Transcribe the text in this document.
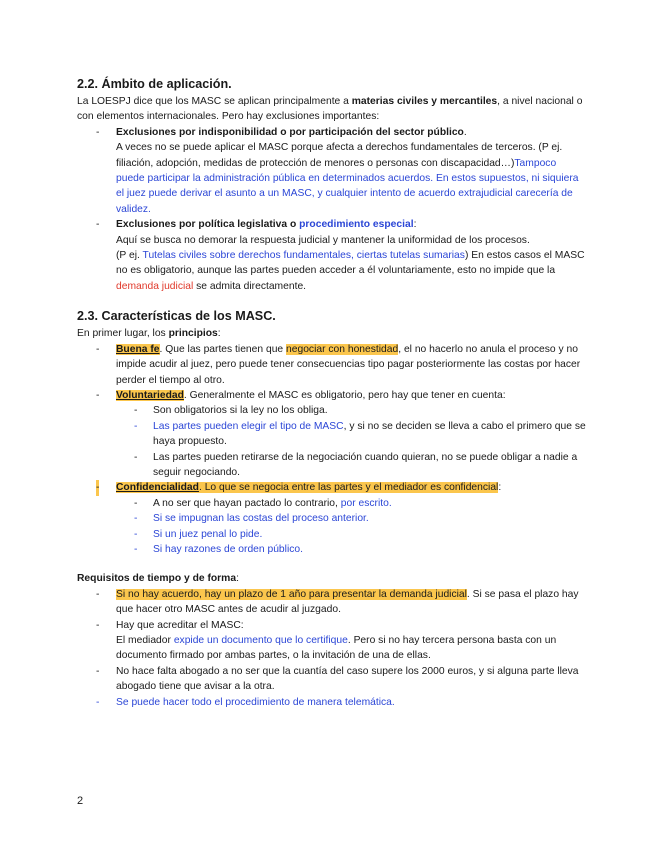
2.2. Ámbito de aplicación.

La LOESPJ dice que los MASC se aplican principalmente a materias civiles y mercantiles, a nivel nacional o con elementos internacionales. Pero hay exclusiones importantes:

- Exclusiones por indisponibilidad o por participación del sector público.
A veces no se puede aplicar el MASC porque afecta a derechos fundamentales de terceros. (P ej. filiación, adopción, medidas de protección de menores o personas con discapacidad…)Tampoco puede participar la administración pública en determinados acuerdos. En estos supuestos, ni siquiera el juez puede derivar el asunto a un MASC, y cualquier intento de acuerdo extrajudicial carecería de validez.
- Exclusiones por política legislativa o procedimiento especial:
Aquí se busca no demorar la respuesta judicial y mantener la uniformidad de los procesos.
(P ej. Tutelas civiles sobre derechos fundamentales, ciertas tutelas sumarias) En estos casos el MASC no es obligatorio, aunque las partes pueden acceder a él voluntariamente, esto no impide que la demanda judicial se admita directamente.
2.3. Características de los MASC.

En primer lugar, los principios:

- Buena fe. Que las partes tienen que negociar con honestidad, el no hacerlo no anula el proceso y no impide acudir al juez, pero puede tener consecuencias tipo pagar posteriormente las costas por hacer perder el tiempo al otro.
- Voluntariedad. Generalmente el MASC es obligatorio, pero hay que tener en cuenta:
- Son obligatorios si la ley no los obliga.
- Las partes pueden elegir el tipo de MASC, y si no se deciden se lleva a cabo el primero que se haya propuesto.
- Las partes pueden retirarse de la negociación cuando quieran, no se puede obligar a nadie a seguir negociando.
- Confidencialidad. Lo que se negocia entre las partes y el mediador es confidencial:
- A no ser que hayan pactado lo contrario, por escrito.
- Si se impugnan las costas del proceso anterior.
- Si un juez penal lo pide.
- Si hay razones de orden público.

Requisitos de tiempo y de forma:

- Si no hay acuerdo, hay un plazo de 1 año para presentar la demanda judicial. Si se pasa el plazo hay que hacer otro MASC antes de acudir al juzgado.
- Hay que acreditar el MASC:
El mediador expide un documento que lo certifique. Pero si no hay tercera persona basta con un documento firmado por ambas partes, o la invitación de una de ellas.
- No hace falta abogado a no ser que la cuantía del caso supere los 2000 euros, y si alguna parte lleva abogado tiene que avisar a la otra.
- Se puede hacer todo el procedimiento de manera telemática.
2
